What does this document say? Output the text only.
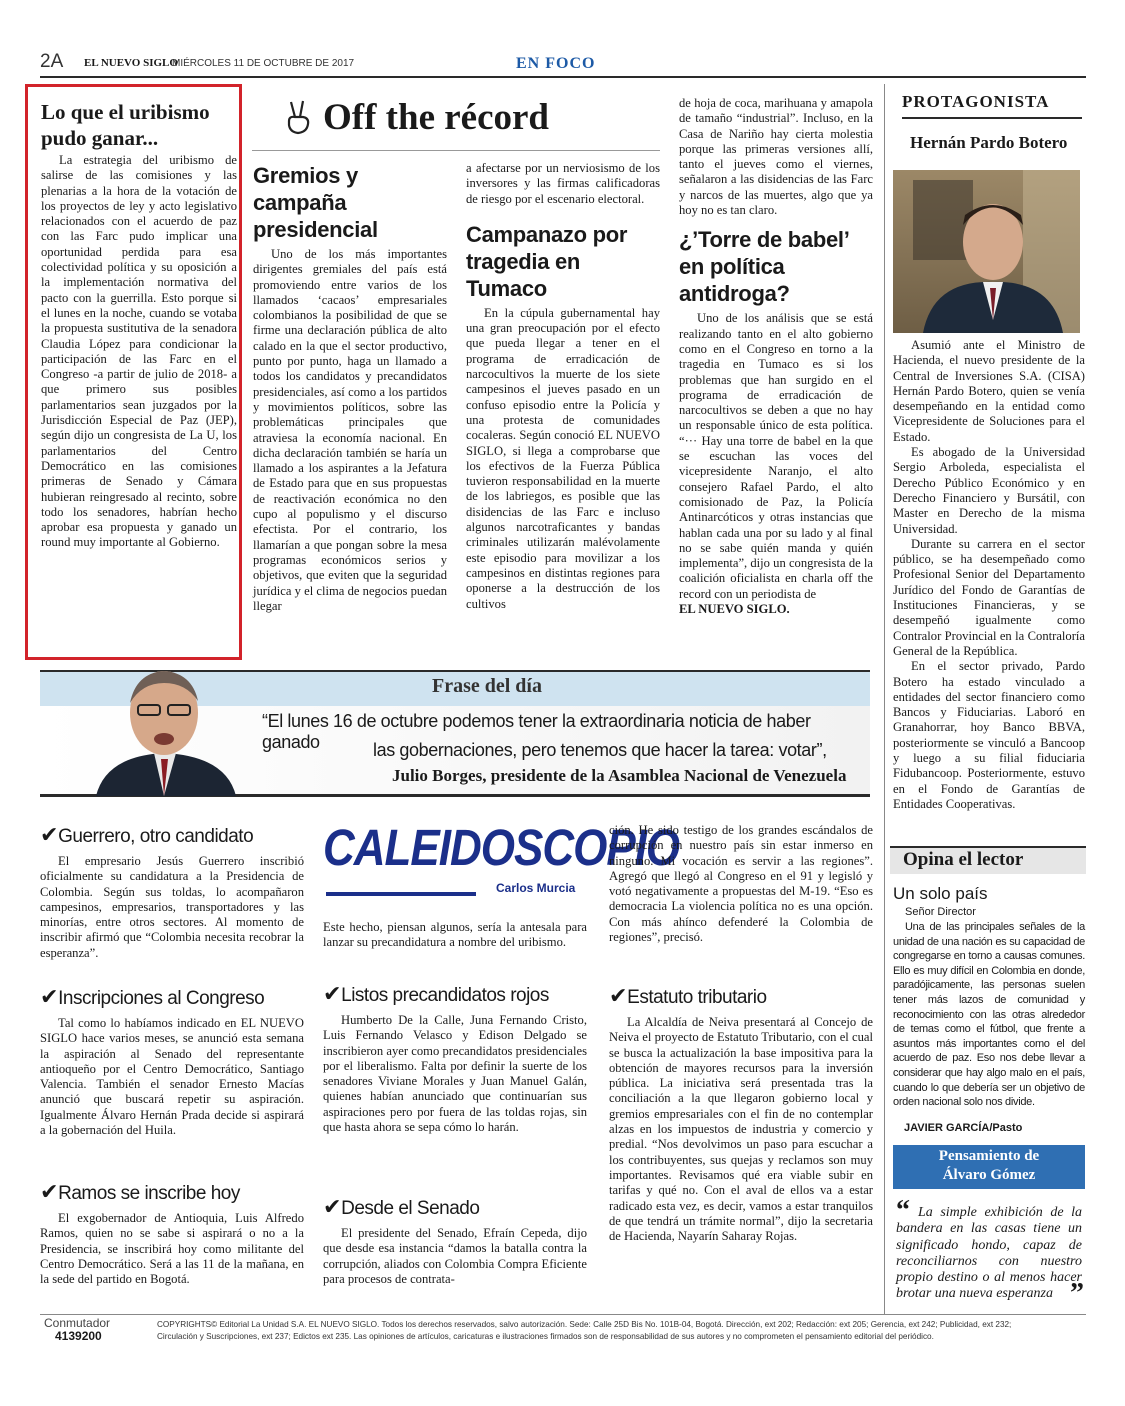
2A EL NUEVO SIGLO
MIÉRCOLES 11 DE OCTUBRE DE 2017	EN FOCO
Lo que el uribismo pudo ganar...

La estrategia del uribismo de salirse de las comisiones y las plenarias a la hora de la votación de los proyectos de ley y acto legislativo relacionados con el acuerdo de paz con las Farc pudo implicar una oportunidad perdida para esa colectividad política y su oposición a la implementación normativa del pacto con la guerrilla. Esto porque si el lunes en la noche, cuando se votaba la propuesta sustitutiva de la senadora Claudia López para condicionar la participación de las Farc en el Congreso -a partir de julio de 2018- a que primero sus posibles parlamentarios sean juzgados por la Jurisdicción Especial de Paz (JEP), según dijo un congresista de La U, los parlamentarios del Centro Democrático en las comisiones primeras de Senado y Cámara hubieran reingresado al recinto, sobre todo los senadores, habrían hecho aprobar esa propuesta y ganado un round muy importante al Gobierno.

Off the récord
Gremios y campaña presidencial

Uno de los más importantes dirigentes gremiales del país está promoviendo entre varios de los llamados ‘cacaos’ empresariales colombianos la posibilidad de que se firme una declaración pública de alto calado en la que el sector productivo, punto por punto, haga un llamado a todos los candidatos y precandidatos presidenciales, así como a los partidos y movimientos políticos, sobre las problemáticas principales que atraviesa la economía nacional. En dicha declaración también se haría un llamado a los aspirantes a la Jefatura de Estado para que en sus propuestas de reactivación económica no den cupo al populismo y el discurso efectista. Por el contrario, los llamarían a que pongan sobre la mesa programas económicos serios y objetivos, que eviten que la seguridad jurídica y el clima de negocios puedan llegar

a afectarse por un nerviosismo de los inversores y las firmas calificadoras de riesgo por el escenario electoral.

Campanazo por tragedia en Tumaco

En la cúpula gubernamental hay una gran preocupación por el efecto que pueda llegar a tener en el programa de erradicación de narcocultivos la muerte de los siete campesinos el jueves pasado en un confuso episodio entre la Policía y una protesta de comunidades cocaleras. Según conoció EL NUEVO SIGLO, si llega a comprobarse que los efectivos de la Fuerza Pública tuvieron responsabilidad en la muerte de los labriegos, es posible que las disidencias de las Farc e incluso algunos narcotraficantes y bandas criminales utilizarán malévolamente este episodio para movilizar a los campesinos en distintas regiones para oponerse a la destrucción de los cultivos

de hoja de coca, marihuana y amapola de tamaño “industrial”. Incluso, en la Casa de Nariño hay cierta molestia porque las primeras versiones allí, tanto el jueves como el viernes, señalaron a las disidencias de las Farc y narcos de las muertes, algo que ya hoy no es tan claro.

¿’Torre de babel’ en política antidroga?

Uno de los análisis que se está realizando tanto en el alto gobierno como en el Congreso en torno a la tragedia en Tumaco es si los problemas que han surgido en el programa de erradicación de narcocultivos se deben a que no hay un responsable único de esta política. “··· Hay una torre de babel en la que se escuchan las voces del vicepresidente Naranjo, el alto consejero Rafael Pardo, el alto comisionado de Paz, la Policía Antinarcóticos y otras instancias que hablan cada una por su lado y al final no se sabe quién manda y quién implementa”, dijo un congresista de la coalición oficialista en charla off the record con un periodista de

EL NUEVO SIGLO.

PROTAGONISTA
Hernán Pardo Botero

Asumió ante el Ministro de Hacienda, el nuevo presidente de la Central de Inversiones S.A. (CISA) Hernán Pardo Botero, quien se venía desempeñando en la entidad como Vicepresidente de Soluciones para el Estado.

Es abogado de la Universidad Sergio Arboleda, especialista el Derecho Público Económico y en Derecho Financiero y Bursátil, con Master en Derecho de la misma Universidad.

Durante su carrera en el sector público, se ha desempeñado como Profesional Senior del Departamento Jurídico del Fondo de Garantías de Instituciones Financieras, y se desempeñó igualmente como Contralor Provincial en la Contraloría General de la República.

En el sector privado, Pardo Botero ha estado vinculado a entidades del sector financiero como Bancos y Fiduciarias. Laboró en Granahorrar, hoy Banco BBVA, posteriormente se vinculó a Bancoop y luego a su filial fiduciaria Fidubancoop. Posteriormente, estuvo en el Fondo de Garantías de Entidades Cooperativas.

Frase del día
“El lunes 16 de octubre podemos tener la extraordinaria noticia de haber ganado	las gobernaciones, pero tenemos que hacer la tarea: votar”,
Julio Borges, presidente de la Asamblea Nacional de Venezuela
✔Guerrero, otro candidato

El empresario Jesús Guerrero inscribió oficialmente su candidatura a la Presidencia de Colombia. Según sus toldas, lo acompañaron campesinos, empresarios, transportadores y las minorías, entre otros sectores. Al momento de inscribir afirmó que “Colombia necesita recobrar la esperanza”.

✔Inscripciones al Congreso

Tal como lo habíamos indicado en EL NUEVO SIGLO hace varios meses, se anunció esta semana la aspiración al Senado del representante antioqueño por el Centro Democrático, Santiago Valencia. También el senador Ernesto Macías anunció que buscará repetir su aspiración. Igualmente Álvaro Hernán Prada decide si aspirará a la gobernación del Huila.

✔Ramos se inscribe hoy

El exgobernador de Antioquia, Luis Alfredo Ramos, quien no se sabe si aspirará o no a la Presidencia, se inscribirá hoy como militante del Centro Democrático. Será a las 11 de la mañana, en la sede del partido en Bogotá.

CALEIDOSCOPIO
Carlos Murcia

Este hecho, piensan algunos, sería la antesala para lanzar su precandidatura a nombre del uribismo.

✔Listos precandidatos rojos

Humberto De la Calle, Juna Fernando Cristo, Luis Fernando Velasco y Edison Delgado se inscribieron ayer como precandidatos presidenciales por el liberalismo. Falta por definir la suerte de los senadores Viviane Morales y Juan Manuel Galán, quienes habían anunciado que continuarían sus aspiraciones pero por fuera de las toldas rojas, sin que hasta ahora se sepa cómo lo harán.

✔Desde el Senado

El presidente del Senado, Efraín Cepeda, dijo que desde esa instancia “damos la batalla contra la corrupción, aliados con Colombia Compra Eficiente para procesos de contrata-

ción. He sido testigo de los grandes escándalos de corrupción en nuestro país sin estar inmerso en ninguno. Mi vocación es servir a las regiones”. Agregó que llegó al Congreso en el 91 y legisló y votó negativamente a propuestas del M-19. “Eso es democracia La violencia política no es una opción. Con más ahínco defenderé la Colombia de regiones”, precisó.

✔Estatuto tributario

La Alcaldía de Neiva presentará al Concejo de Neiva el proyecto de Estatuto Tributario, con el cual se busca la actualización la base impositiva para la obtención de mayores recursos para la inversión pública. La iniciativa será presentada tras la conciliación a la que llegaron gobierno local y gremios empresariales con el fin de no contemplar alzas en los impuestos de industria y comercio y predial. “Nos devolvimos un paso para escuchar a los contribuyentes, sus quejas y reclamos son muy importantes. Revisamos qué era viable subir en tarifas y qué no. Con el aval de ellos va a estar radicado esta vez, es decir, vamos a estar tranquilos de que tendrá un trámite normal”, dijo la secretaria de Hacienda, Nayarín Saharay Rojas.

Opina el lector
Un solo país
Señor Director
Una de las principales señales de la unidad de una nación es su capacidad de congregarse en torno a causas comunes. Ello es muy difícil en Colombia en donde, paradójicamente, las personas suelen tener más lazos de comunidad y reconocimiento con las otras alrededor de temas como el fútbol, que frente a asuntos más importantes como el del acuerdo de paz. Eso nos debe llevar a considerar que hay algo malo en el país, cuando lo que debería ser un objetivo de orden nacional solo nos divide.
JAVIER GARCÍA/Pasto
Pensamiento de
Álvaro Gómez
“ La simple exhibición de la bandera en las casas tiene un significado hondo, capaz de reconciliarnos con nuestro propio destino o al menos hacer brotar una nueva esperanza ”
Conmutador
4139200
COPYRIGHTS© Editorial La Unidad S.A. EL NUEVO SIGLO. Todos los derechos reservados, salvo autorización. Sede: Calle 25D Bis No. 101B-04, Bogotá. Dirección, ext 202; Redacción: ext 205; Gerencia, ext 242; Publicidad, ext 232;
Circulación y Suscripciones, ext 237; Edictos ext 235. Las opiniones de artículos, caricaturas e ilustraciones firmados son de responsabilidad de sus autores y no comprometen el pensamiento editorial del periódico.
